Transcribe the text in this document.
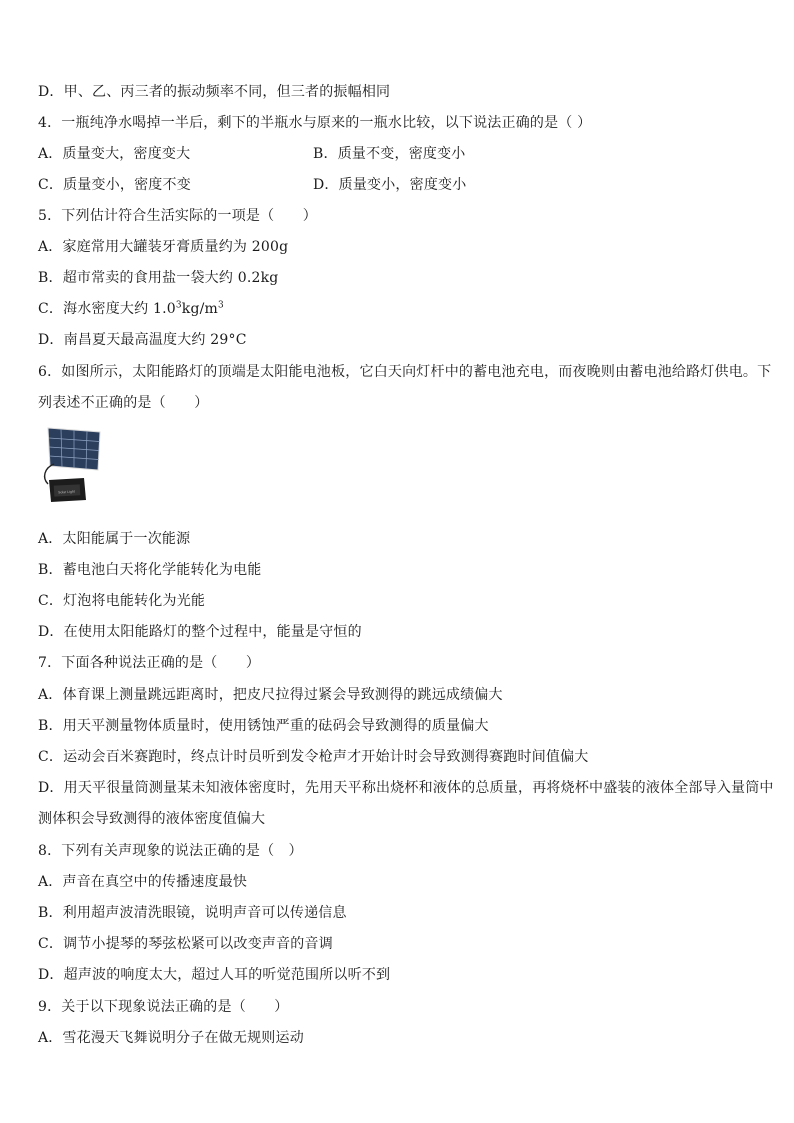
D．甲、乙、丙三者的振动频率不同，但三者的振幅相同
4．一瓶纯净水喝掉一半后，剩下的半瓶水与原来的一瓶水比较，以下说法正确的是（ ）
A．质量变大，密度变大	B．质量不变，密度变小
C．质量变小，密度不变	D．质量变小，密度变小
5．下列估计符合生活实际的一项是（　　）
A．家庭常用大罐装牙膏质量约为 200g
B．超市常卖的食用盐一袋大约 0.2kg
C．海水密度大约 $1.0^3kg/m^3$
D．南昌夏天最高温度大约 29°C
6．如图所示，太阳能路灯的顶端是太阳能电池板，它白天向灯杆中的蓄电池充电，而夜晚则由蓄电池给路灯供电。下
列表述不正确的是（　　）
Solar Light
A．太阳能属于一次能源
B．蓄电池白天将化学能转化为电能
C．灯泡将电能转化为光能
D．在使用太阳能路灯的整个过程中，能量是守恒的
7．下面各种说法正确的是（　　）
A．体育课上测量跳远距离时，把皮尺拉得过紧会导致测得的跳远成绩偏大
B．用天平测量物体质量时，使用锈蚀严重的砝码会导致测得的质量偏大
C．运动会百米赛跑时，终点计时员听到发令枪声才开始计时会导致测得赛跑时间值偏大
D．用天平很量筒测量某未知液体密度时，先用天平称出烧杯和液体的总质量，再将烧杯中盛装的液体全部导入量筒中
测体积会导致测得的液体密度值偏大
8．下列有关声现象的说法正确的是（　）
A．声音在真空中的传播速度最快
B．利用超声波清洗眼镜，说明声音可以传递信息
C．调节小提琴的琴弦松紧可以改变声音的音调
D．超声波的响度太大，超过人耳的听觉范围所以听不到
9．关于以下现象说法正确的是（　　）
A．雪花漫天飞舞说明分子在做无规则运动
